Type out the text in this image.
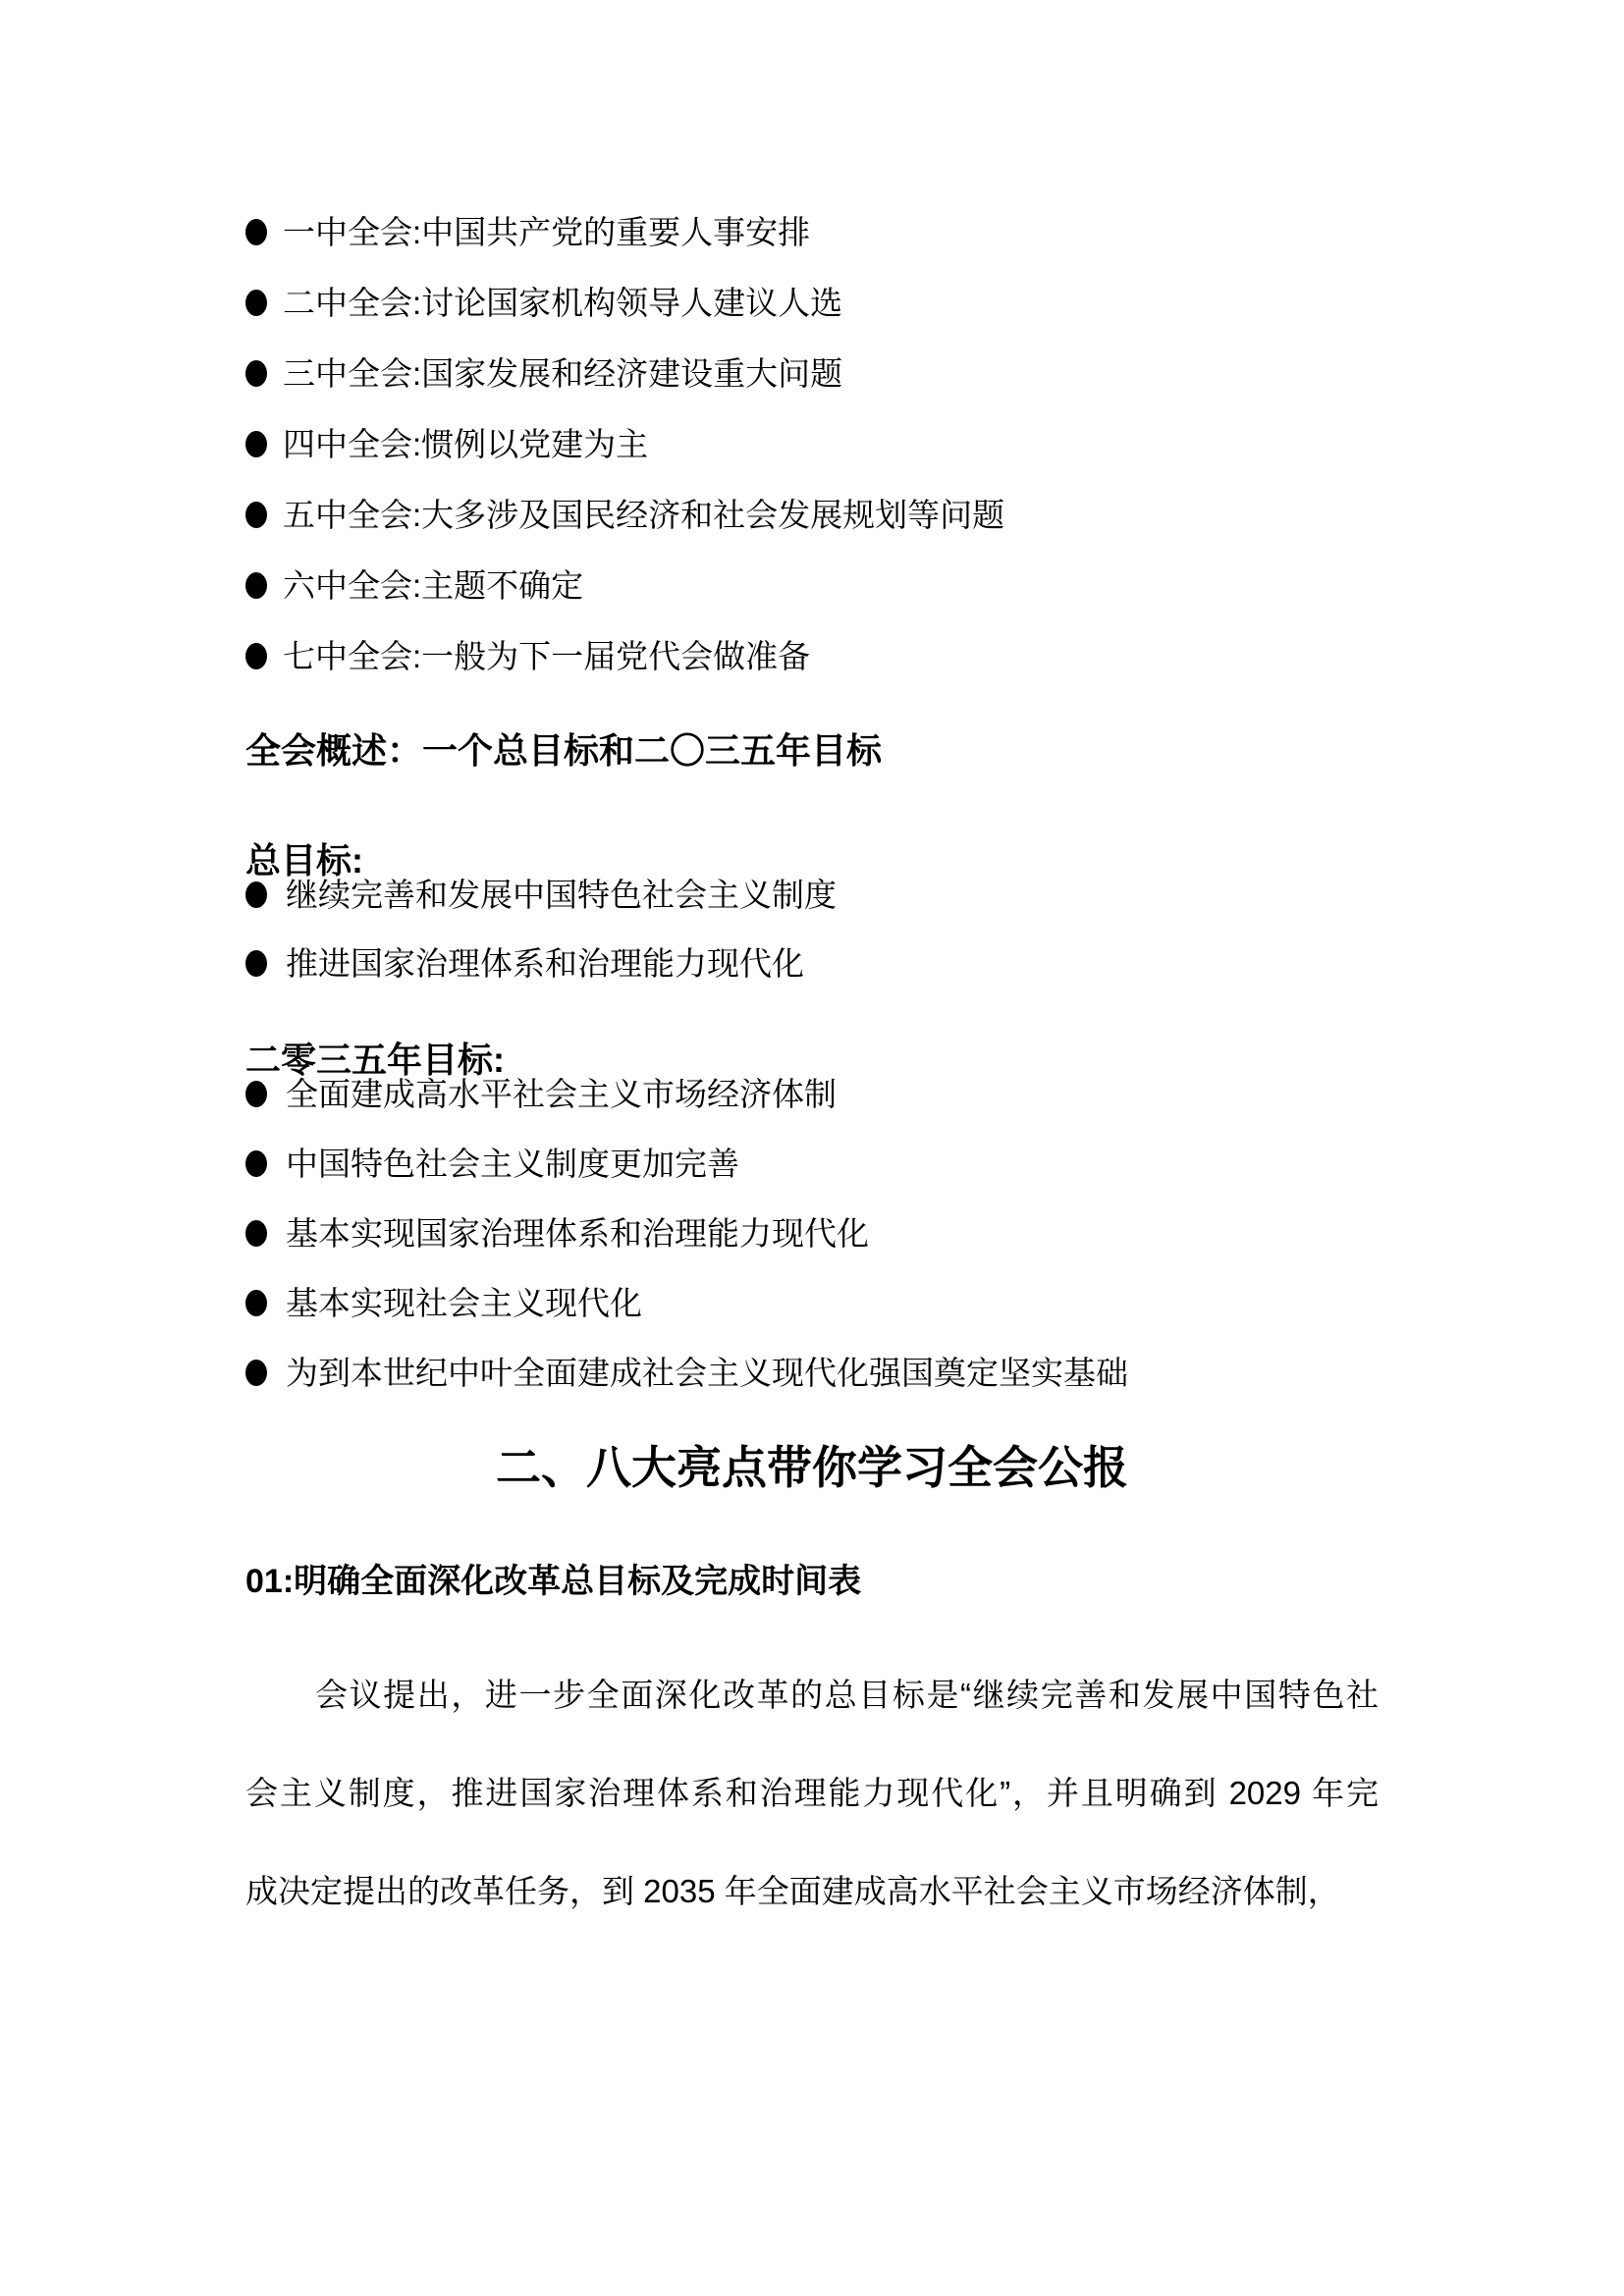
一中全会:中国共产党的重要人事安排
二中全会:讨论国家机构领导人建议人选
三中全会:国家发展和经济建设重大问题
四中全会:惯例以党建为主
五中全会:大多涉及国民经济和社会发展规划等问题
六中全会:主题不确定
七中全会:一般为下一届党代会做准备
全会概述：一个总目标和二〇三五年目标
总目标:
继续完善和发展中国特色社会主义制度
推进国家治理体系和治理能力现代化
二零三五年目标:
全面建成高水平社会主义市场经济体制
中国特色社会主义制度更加完善
基本实现国家治理体系和治理能力现代化
基本实现社会主义现代化
为到本世纪中叶全面建成社会主义现代化强国奠定坚实基础
二、八大亮点带你学习全会公报
01:明确全面深化改革总目标及完成时间表
会议提出，进一步全面深化改革的总目标是“继续完善和发展中国特色社
会主义制度，推进国家治理体系和治理能力现代化”，并且明确到 2029 年完
成决定提出的改革任务，到 2035 年全面建成高水平社会主义市场经济体制，
